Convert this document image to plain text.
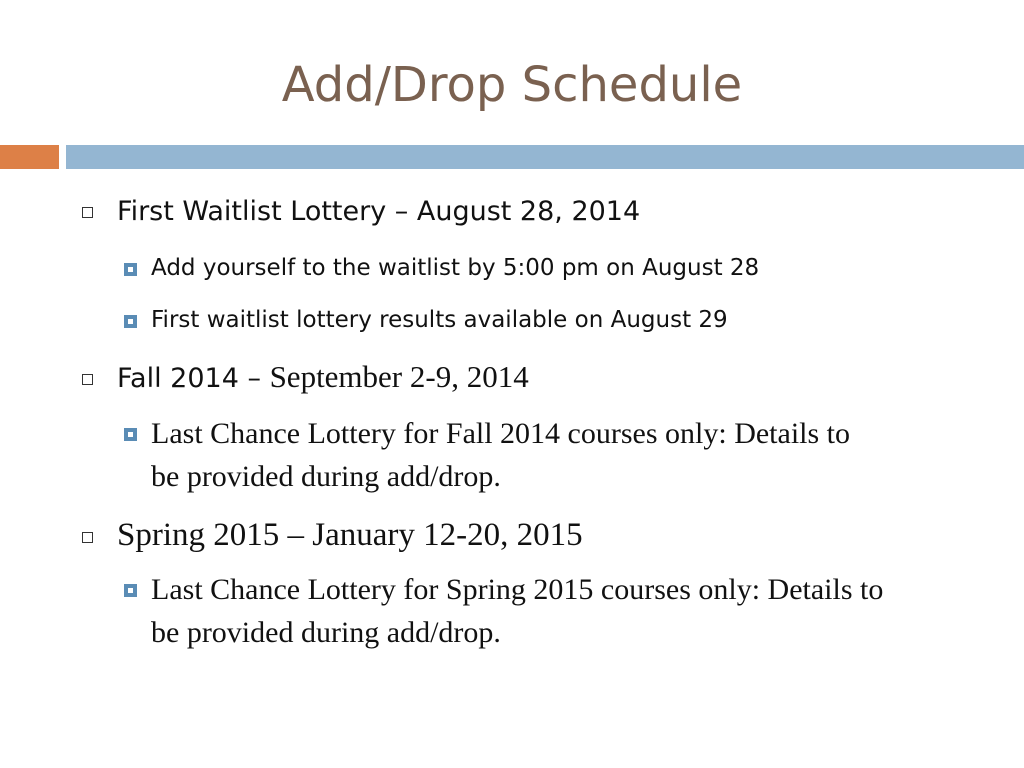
Add/Drop Schedule
First Waitlist Lottery – August 28, 2014
Add yourself to the waitlist by 5:00 pm on August 28
First waitlist lottery results available on August 29
Fall 2014 – September 2-9, 2014
Last Chance Lottery for Fall 2014 courses only: Details to be provided during add/drop.
Spring 2015 – January 12-20, 2015
Last Chance Lottery for Spring 2015 courses only: Details to be provided during add/drop.
